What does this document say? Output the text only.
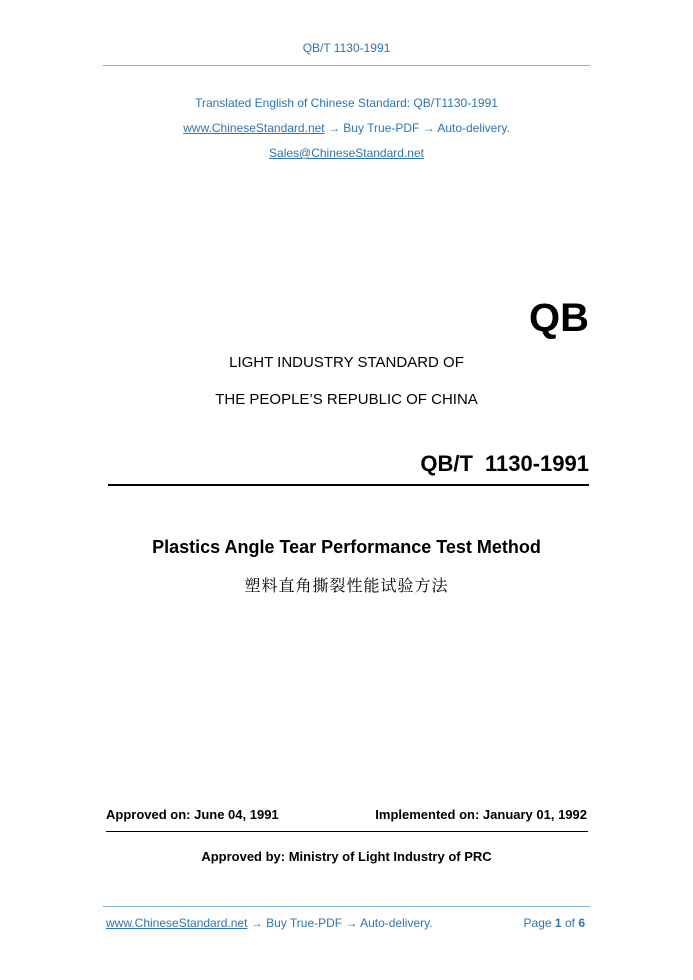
QB/T 1130-1991
Translated English of Chinese Standard: QB/T1130-1991
www.ChineseStandard.net → Buy True-PDF → Auto-delivery.
Sales@ChineseStandard.net
QB
LIGHT INDUSTRY STANDARD OF
THE PEOPLE’S REPUBLIC OF CHINA
QB/T 1130-1991
Plastics Angle Tear Performance Test Method
塑料直角撕裂性能试验方法
Approved on: June 04, 1991	Implemented on: January 01, 1992
Approved by: Ministry of Light Industry of PRC
www.ChineseStandard.net → Buy True-PDF → Auto-delivery.	Page 1 of 6
